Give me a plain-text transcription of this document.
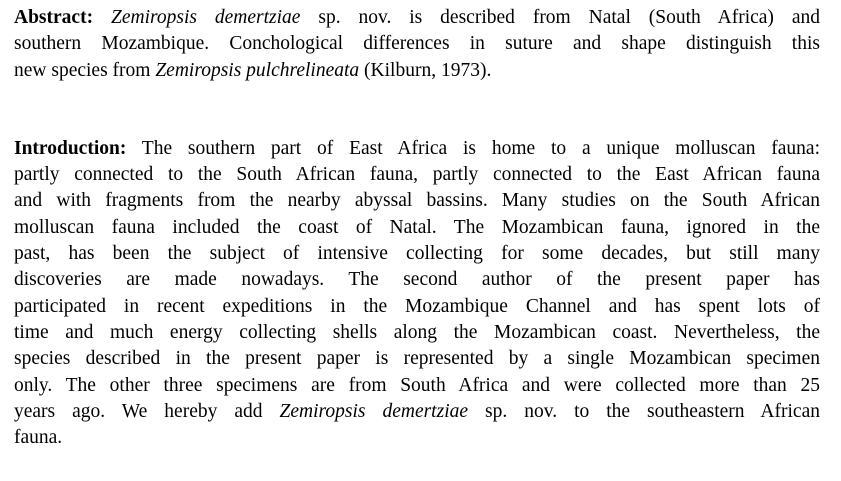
Abstract: Zemiropsis demertziae sp. nov. is described from Natal (South Africa) and
southern Mozambique. Conchological differences in suture and shape distinguish this
new species from Zemiropsis pulchrelineata (Kilburn, 1973).
Introduction: The southern part of East Africa is home to a unique molluscan fauna:
partly connected to the South African fauna, partly connected to the East African fauna
and with fragments from the nearby abyssal bassins. Many studies on the South African
molluscan fauna included the coast of Natal. The Mozambican fauna, ignored in the
past, has been the subject of intensive collecting for some decades, but still many
discoveries are made nowadays. The second author of the present paper has
participated in recent expeditions in the Mozambique Channel and has spent lots of
time and much energy collecting shells along the Mozambican coast. Nevertheless, the
species described in the present paper is represented by a single Mozambican specimen
only. The other three specimens are from South Africa and were collected more than 25
years ago. We hereby add Zemiropsis demertziae sp. nov. to the southeastern African
fauna.
